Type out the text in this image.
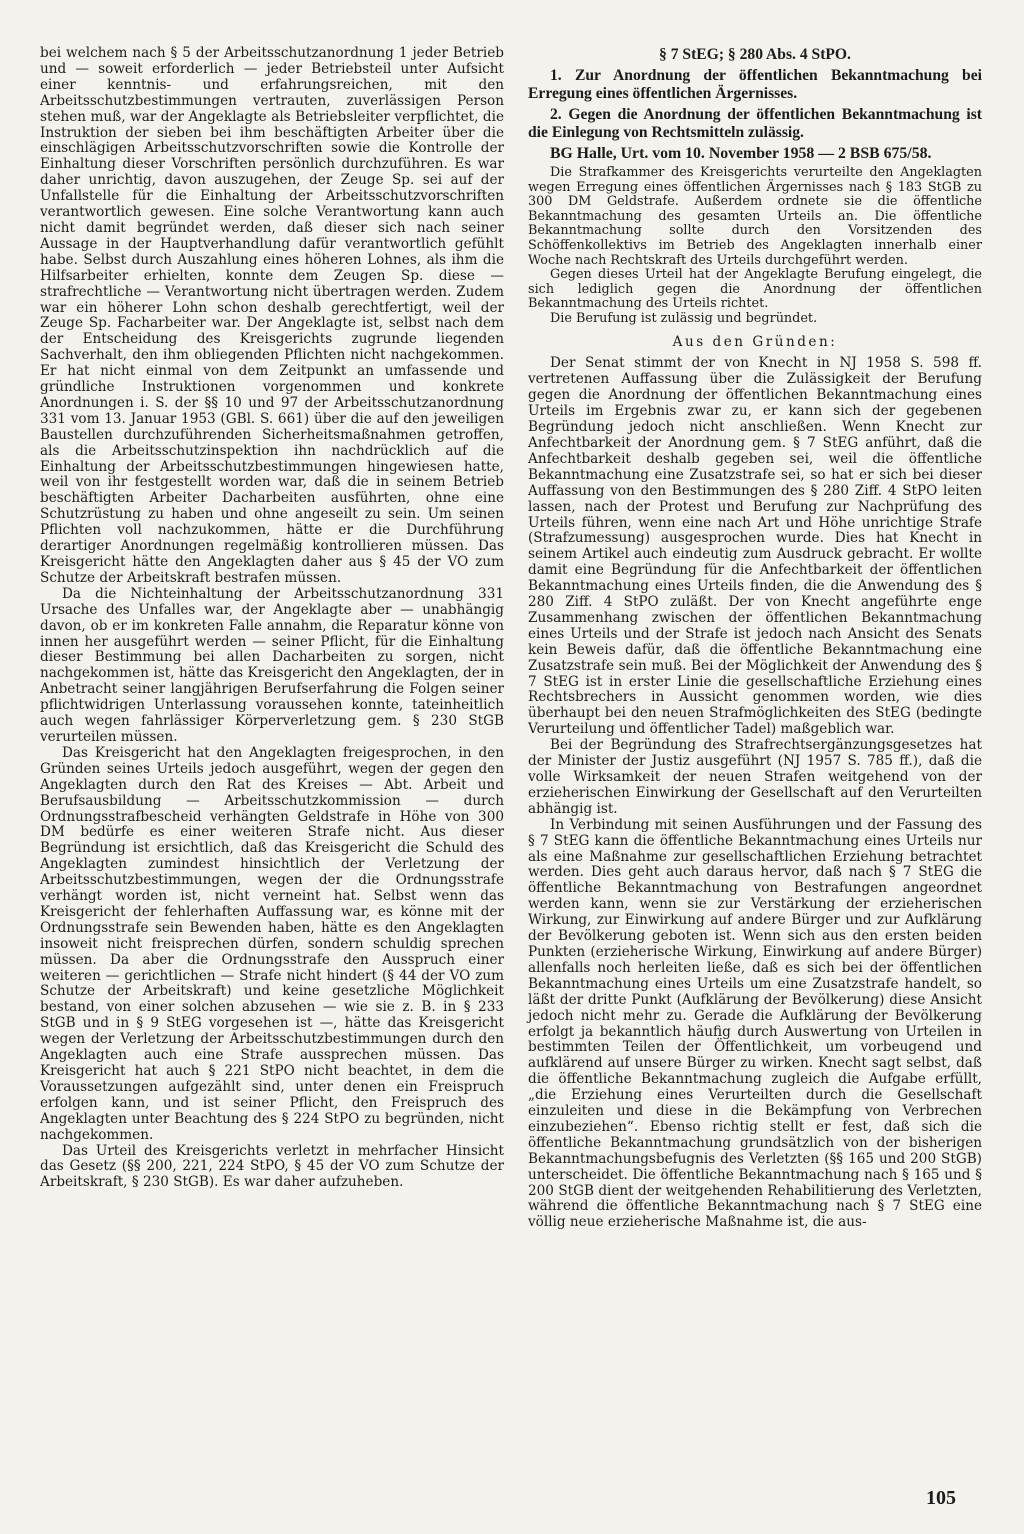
bei welchem nach § 5 der Arbeitsschutzanordnung 1 jeder Betrieb und — soweit erforderlich — jeder Betriebsteil unter Aufsicht einer kenntnis- und erfahrungsreichen, mit den Arbeitsschutzbestimmungen vertrauten, zuverlässigen Person stehen muß, war der Angeklagte als Betriebsleiter verpflichtet, die Instruktion der sieben bei ihm beschäftigten Arbeiter über die einschlägigen Arbeitsschutzvorschriften sowie die Kontrolle der Einhaltung dieser Vorschriften persönlich durchzuführen. Es war daher unrichtig, davon auszugehen, der Zeuge Sp. sei auf der Unfallstelle für die Einhaltung der Arbeitsschutzvorschriften verantwortlich gewesen. Eine solche Verantwortung kann auch nicht damit begründet werden, daß dieser sich nach seiner Aussage in der Hauptverhandlung dafür verantwortlich gefühlt habe. Selbst durch Auszahlung eines höheren Lohnes, als ihm die Hilfsarbeiter erhielten, konnte dem Zeugen Sp. diese — strafrechtliche — Verantwortung nicht übertragen werden. Zudem war ein höherer Lohn schon deshalb gerechtfertigt, weil der Zeuge Sp. Facharbeiter war. Der Angeklagte ist, selbst nach dem der Entscheidung des Kreisgerichts zugrunde liegenden Sachverhalt, den ihm obliegenden Pflichten nicht nachgekommen. Er hat nicht einmal von dem Zeitpunkt an umfassende und gründliche Instruktionen vorgenommen und konkrete Anordnungen i. S. der §§ 10 und 97 der Arbeitsschutzanordnung 331 vom 13. Januar 1953 (GBl. S. 661) über die auf den jeweiligen Baustellen durchzuführenden Sicherheitsmaßnahmen getroffen, als die Arbeitsschutzinspektion ihn nachdrücklich auf die Einhaltung der Arbeitsschutzbestimmungen hingewiesen hatte, weil von ihr festgestellt worden war, daß die in seinem Betrieb beschäftigten Arbeiter Dacharbeiten ausführten, ohne eine Schutzrüstung zu haben und ohne angeseilt zu sein. Um seinen Pflichten voll nachzukommen, hätte er die Durchführung derartiger Anordnungen regelmäßig kontrollieren müssen. Das Kreisgericht hätte den Angeklagten daher aus § 45 der VO zum Schutze der Arbeitskraft bestrafen müssen.

Da die Nichteinhaltung der Arbeitsschutzanordnung 331 Ursache des Unfalles war, der Angeklagte aber — unabhängig davon, ob er im konkreten Falle annahm, die Reparatur könne von innen her ausgeführt werden — seiner Pflicht, für die Einhaltung dieser Bestimmung bei allen Dacharbeiten zu sorgen, nicht nachgekommen ist, hätte das Kreisgericht den Angeklagten, der in Anbetracht seiner langjährigen Berufserfahrung die Folgen seiner pflichtwidrigen Unterlassung voraussehen konnte, tateinheitlich auch wegen fahrlässiger Körperverletzung gem. § 230 StGB verurteilen müssen.

Das Kreisgericht hat den Angeklagten freigesprochen, in den Gründen seines Urteils jedoch ausgeführt, wegen der gegen den Angeklagten durch den Rat des Kreises — Abt. Arbeit und Berufsausbildung — Arbeitsschutzkommission — durch Ordnungsstrafbescheid verhängten Geldstrafe in Höhe von 300 DM bedürfe es einer weiteren Strafe nicht. Aus dieser Begründung ist ersichtlich, daß das Kreisgericht die Schuld des Angeklagten zumindest hinsichtlich der Verletzung der Arbeitsschutzbestimmungen, wegen der die Ordnungsstrafe verhängt worden ist, nicht verneint hat. Selbst wenn das Kreisgericht der fehlerhaften Auffassung war, es könne mit der Ordnungsstrafe sein Bewenden haben, hätte es den Angeklagten insoweit nicht freisprechen dürfen, sondern schuldig sprechen müssen. Da aber die Ordnungsstrafe den Ausspruch einer weiteren — gerichtlichen — Strafe nicht hindert (§ 44 der VO zum Schutze der Arbeitskraft) und keine gesetzliche Möglichkeit bestand, von einer solchen abzusehen — wie sie z. B. in § 233 StGB und in § 9 StEG vorgesehen ist —, hätte das Kreisgericht wegen der Verletzung der Arbeitsschutzbestimmungen durch den Angeklagten auch eine Strafe aussprechen müssen. Das Kreisgericht hat auch § 221 StPO nicht beachtet, in dem die Voraussetzungen aufgezählt sind, unter denen ein Freispruch erfolgen kann, und ist seiner Pflicht, den Freispruch des Angeklagten unter Beachtung des § 224 StPO zu begründen, nicht nachgekommen.

Das Urteil des Kreisgerichts verletzt in mehrfacher Hinsicht das Gesetz (§§ 200, 221, 224 StPO, § 45 der VO zum Schutze der Arbeitskraft, § 230 StGB). Es war daher aufzuheben.

§ 7 StEG; § 280 Abs. 4 StPO.

1. Zur Anordnung der öffentlichen Bekanntmachung bei Erregung eines öffentlichen Ärgernisses.

2. Gegen die Anordnung der öffentlichen Bekanntmachung ist die Einlegung von Rechtsmitteln zulässig.

BG Halle, Urt. vom 10. November 1958 — 2 BSB 675/58.

Die Strafkammer des Kreisgerichts verurteilte den Angeklagten wegen Erregung eines öffentlichen Ärgernisses nach § 183 StGB zu 300 DM Geldstrafe. Außerdem ordnete sie die öffentliche Bekanntmachung des gesamten Urteils an. Die öffentliche Bekanntmachung sollte durch den Vorsitzenden des Schöffenkollektivs im Betrieb des Angeklagten innerhalb einer Woche nach Rechtskraft des Urteils durchgeführt werden.

Gegen dieses Urteil hat der Angeklagte Berufung eingelegt, die sich lediglich gegen die Anordnung der öffentlichen Bekanntmachung des Urteils richtet.

Die Berufung ist zulässig und begründet.

Aus den Gründen:

Der Senat stimmt der von Knecht in NJ 1958 S. 598 ff. vertretenen Auffassung über die Zulässigkeit der Berufung gegen die Anordnung der öffentlichen Bekanntmachung eines Urteils im Ergebnis zwar zu, er kann sich der gegebenen Begründung jedoch nicht anschließen. Wenn Knecht zur Anfechtbarkeit der Anordnung gem. § 7 StEG anführt, daß die Anfechtbarkeit deshalb gegeben sei, weil die öffentliche Bekanntmachung eine Zusatzstrafe sei, so hat er sich bei dieser Auffassung von den Bestimmungen des § 280 Ziff. 4 StPO leiten lassen, nach der Protest und Berufung zur Nachprüfung des Urteils führen, wenn eine nach Art und Höhe unrichtige Strafe (Strafzumessung) ausgesprochen wurde. Dies hat Knecht in seinem Artikel auch eindeutig zum Ausdruck gebracht. Er wollte damit eine Begründung für die Anfechtbarkeit der öffentlichen Bekanntmachung eines Urteils finden, die die Anwendung des § 280 Ziff. 4 StPO zuläßt. Der von Knecht angeführte enge Zusammenhang zwischen der öffentlichen Bekanntmachung eines Urteils und der Strafe ist jedoch nach Ansicht des Senats kein Beweis dafür, daß die öffentliche Bekanntmachung eine Zusatzstrafe sein muß. Bei der Möglichkeit der Anwendung des § 7 StEG ist in erster Linie die gesellschaftliche Erziehung eines Rechtsbrechers in Aussicht genommen worden, wie dies überhaupt bei den neuen Strafmöglichkeiten des StEG (bedingte Verurteilung und öffentlicher Tadel) maßgeblich war.

Bei der Begründung des Strafrechtsergänzungsgesetzes hat der Minister der Justiz ausgeführt (NJ 1957 S. 785 ff.), daß die volle Wirksamkeit der neuen Strafen weitgehend von der erzieherischen Einwirkung der Gesellschaft auf den Verurteilten abhängig ist.

In Verbindung mit seinen Ausführungen und der Fassung des § 7 StEG kann die öffentliche Bekanntmachung eines Urteils nur als eine Maßnahme zur gesellschaftlichen Erziehung betrachtet werden. Dies geht auch daraus hervor, daß nach § 7 StEG die öffentliche Bekanntmachung von Bestrafungen angeordnet werden kann, wenn sie zur Verstärkung der erzieherischen Wirkung, zur Einwirkung auf andere Bürger und zur Aufklärung der Bevölkerung geboten ist. Wenn sich aus den ersten beiden Punkten (erzieherische Wirkung, Einwirkung auf andere Bürger) allenfalls noch herleiten ließe, daß es sich bei der öffentlichen Bekanntmachung eines Urteils um eine Zusatzstrafe handelt, so läßt der dritte Punkt (Aufklärung der Bevölkerung) diese Ansicht jedoch nicht mehr zu. Gerade die Aufklärung der Bevölkerung erfolgt ja bekanntlich häufig durch Auswertung von Urteilen in bestimmten Teilen der Öffentlichkeit, um vorbeugend und aufklärend auf unsere Bürger zu wirken. Knecht sagt selbst, daß die öffentliche Bekanntmachung zugleich die Aufgabe erfüllt, „die Erziehung eines Verurteilten durch die Gesellschaft einzuleiten und diese in die Bekämpfung von Verbrechen einzubeziehen“. Ebenso richtig stellt er fest, daß sich die öffentliche Bekanntmachung grundsätzlich von der bisherigen Bekanntmachungsbefugnis des Verletzten (§§ 165 und 200 StGB) unterscheidet. Die öffentliche Bekanntmachung nach § 165 und § 200 StGB dient der weitgehenden Rehabilitierung des Verletzten, während die öffentliche Bekanntmachung nach § 7 StEG eine völlig neue erzieherische Maßnahme ist, die aus-

105
